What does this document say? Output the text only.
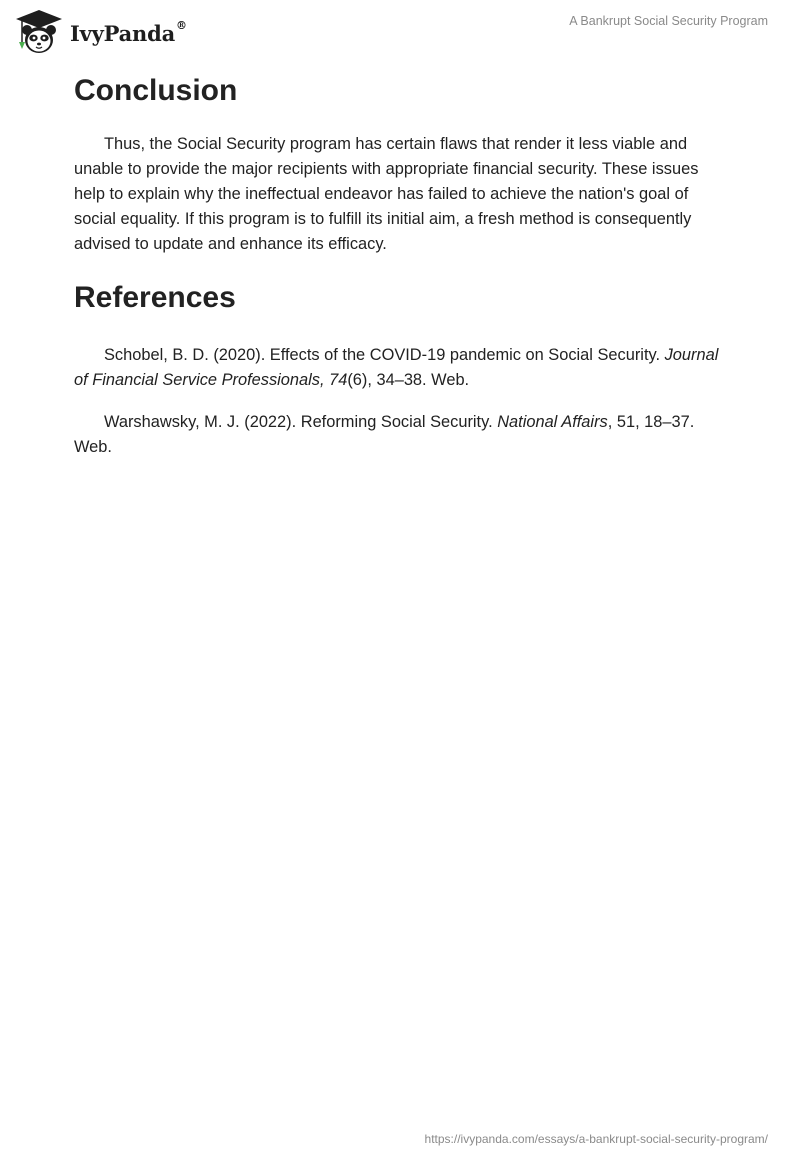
IvyPanda®	A Bankrupt Social Security Program
Conclusion

Thus, the Social Security program has certain flaws that render it less viable and unable to provide the major recipients with appropriate financial security. These issues help to explain why the ineffectual endeavor has failed to achieve the nation's goal of social equality. If this program is to fulfill its initial aim, a fresh method is consequently advised to update and enhance its efficacy.

References

Schobel, B. D. (2020). Effects of the COVID-19 pandemic on Social Security. Journal of Financial Service Professionals, 74(6), 34–38. Web.

Warshawsky, M. J. (2022). Reforming Social Security. National Affairs, 51, 18–37. Web.

https://ivypanda.com/essays/a-bankrupt-social-security-program/
